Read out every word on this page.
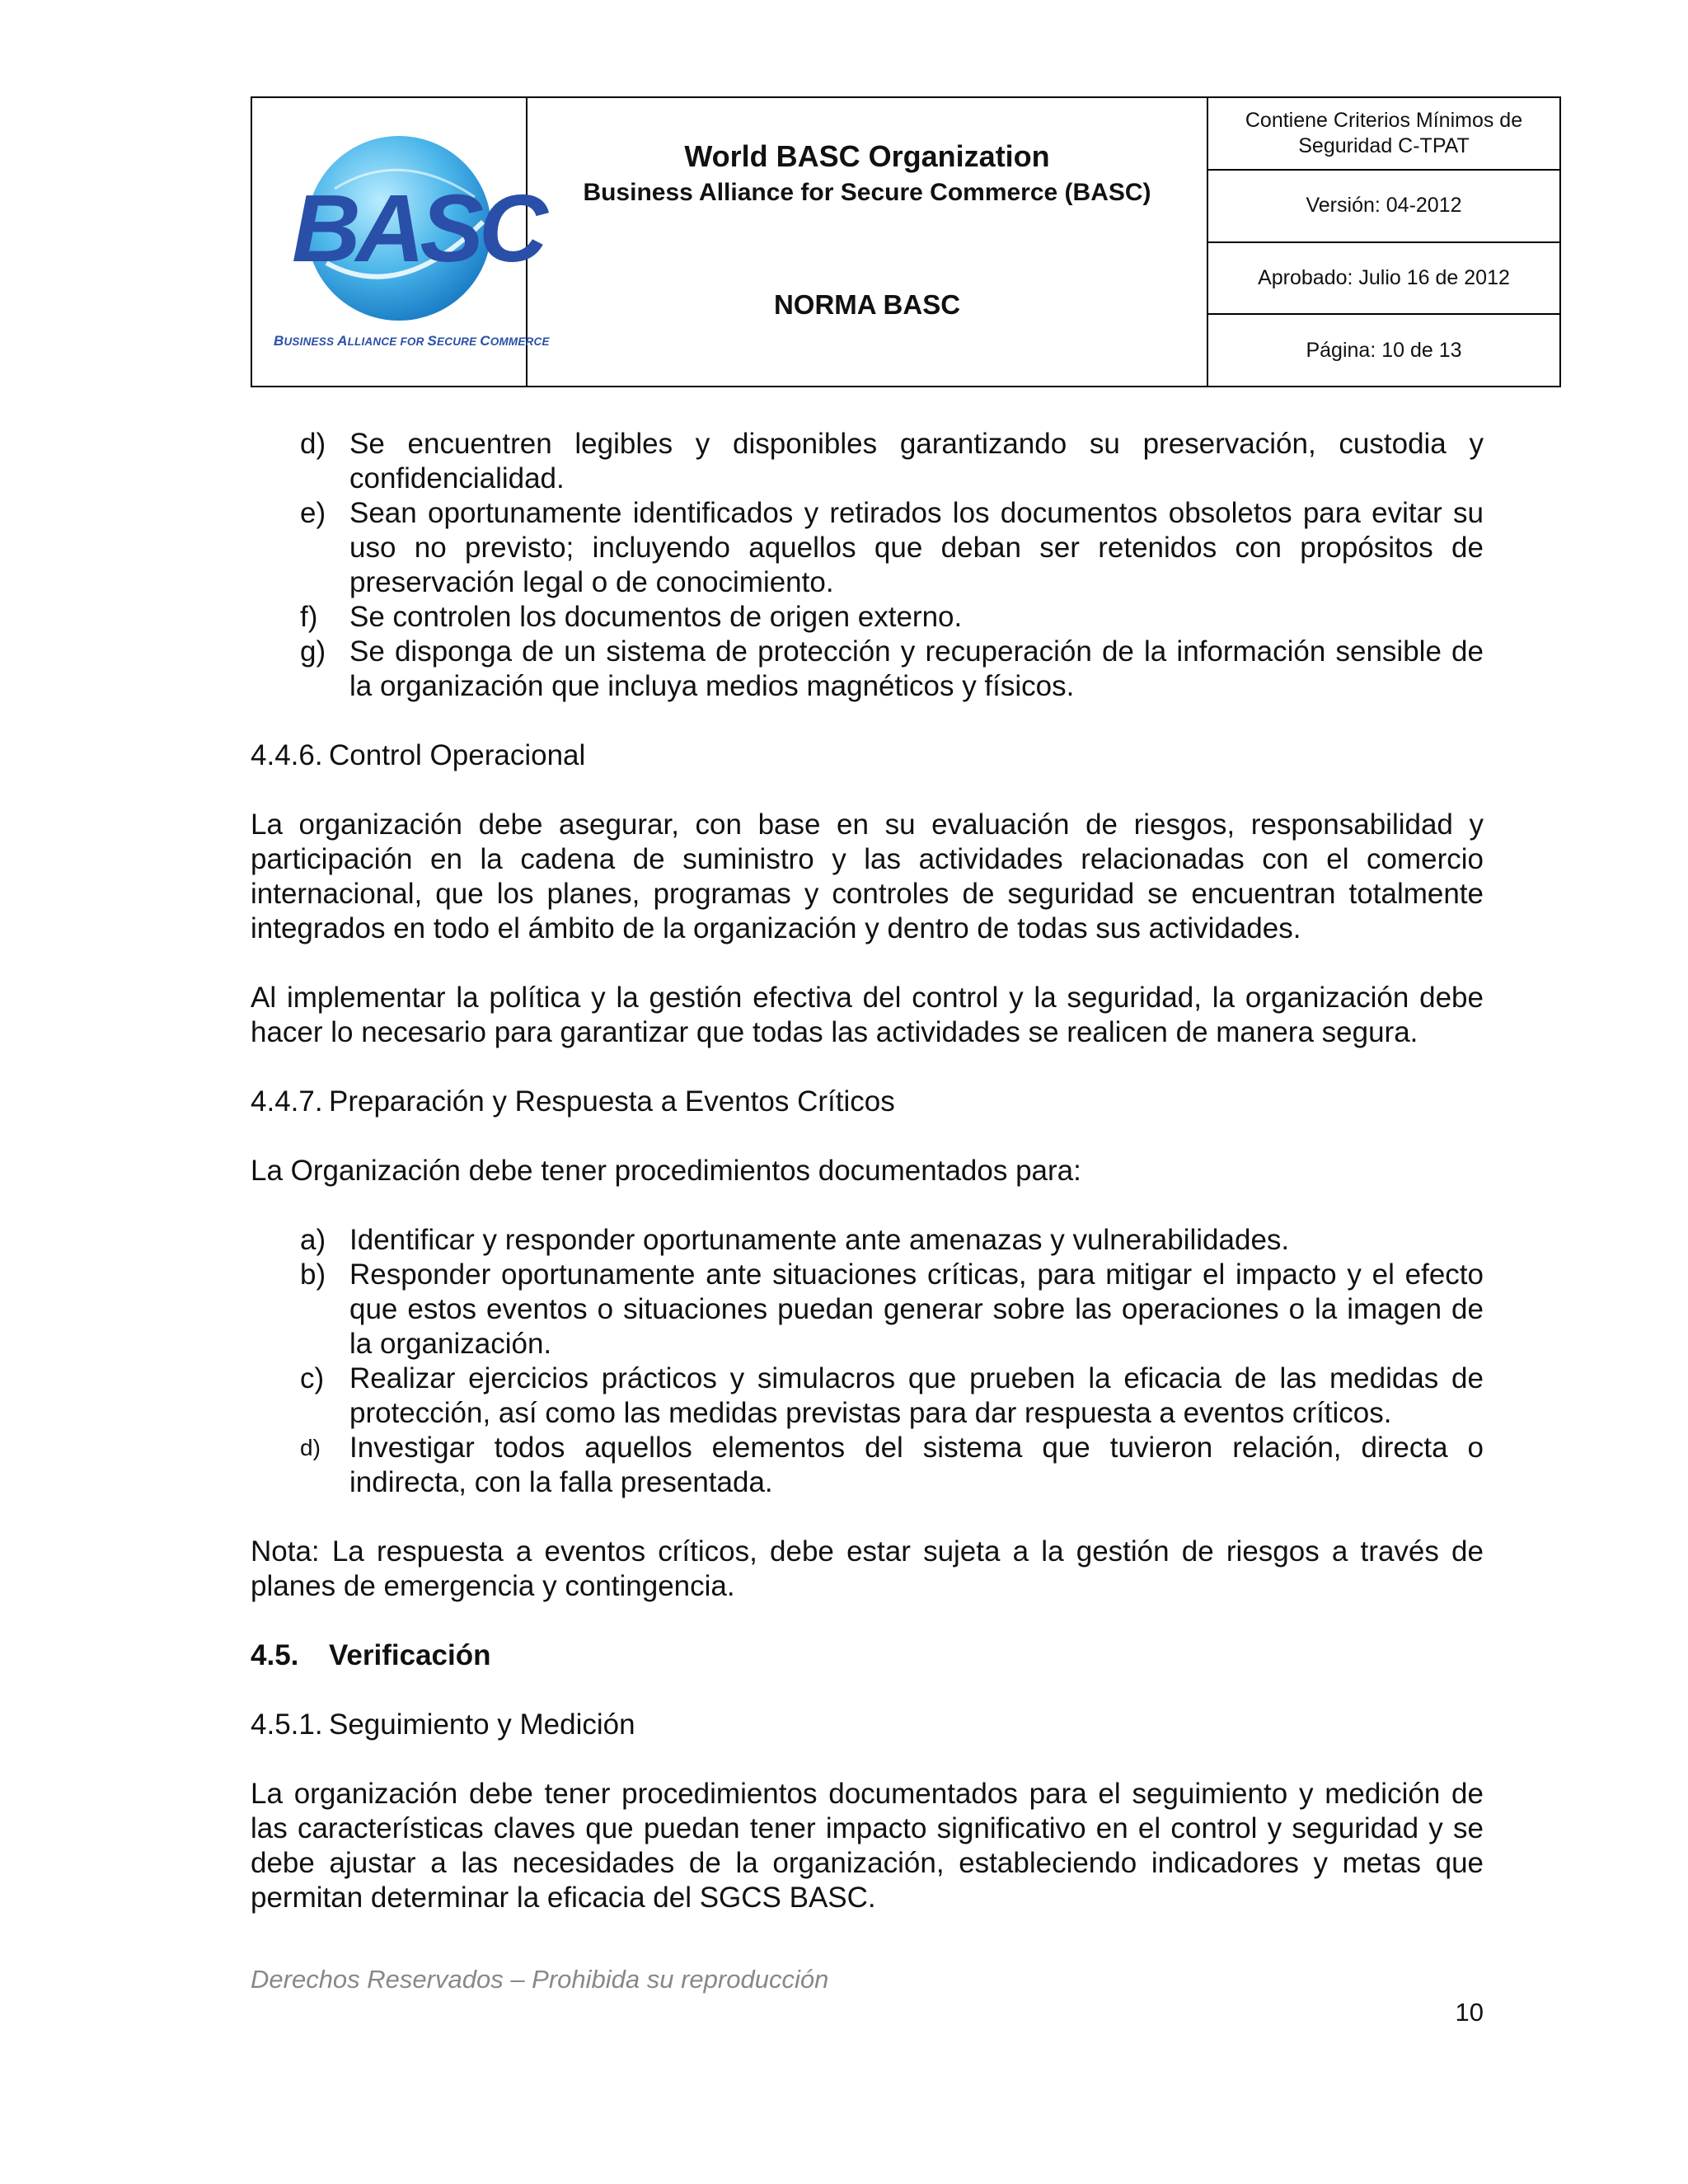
BASC
BUSINESS ALLIANCE FOR SECURE COMMERCE
World BASC Organization
Business Alliance for Secure Commerce (BASC)
NORMA BASC
Contiene Criterios Mínimos de Seguridad C-TPAT
Versión: 04-2012
Aprobado: Julio 16 de 2012
Página: 10 de 13
d) Se encuentren legibles y disponibles garantizando su preservación, custodia y confidencialidad.
e) Sean oportunamente identificados y retirados los documentos obsoletos para evitar su uso no previsto; incluyendo aquellos que deban ser retenidos con propósitos de preservación legal o de conocimiento.
f)	Se controlen los documentos de origen externo.
g) Se disponga de un sistema de protección y recuperación de la información sensible de la organización que incluya medios magnéticos y físicos.
4.4.6. Control Operacional

La organización debe asegurar, con base en su evaluación de riesgos, responsabilidad y participación en la cadena de suministro y las actividades relacionadas con el comercio internacional, que los planes, programas y controles de seguridad se encuentran totalmente integrados en todo el ámbito de la organización y dentro de todas sus actividades.

Al implementar la política y la gestión efectiva del control y la seguridad, la organización debe hacer lo necesario para garantizar que todas las actividades se realicen de manera segura.

4.4.7. Preparación y Respuesta a Eventos Críticos

La Organización debe tener procedimientos documentados para:

a) Identificar y responder oportunamente ante amenazas y vulnerabilidades.
b) Responder oportunamente ante situaciones críticas, para mitigar el impacto y el efecto que estos eventos o situaciones puedan generar sobre las operaciones o la imagen de la organización.
c) Realizar ejercicios prácticos y simulacros que prueben la eficacia de las medidas de protección, así como las medidas previstas para dar respuesta a eventos críticos.
d)	Investigar todos aquellos elementos del sistema que tuvieron relación, directa o indirecta, con la falla presentada.

Nota: La respuesta a eventos críticos, debe estar sujeta a la gestión de riesgos a través de planes de emergencia y contingencia.

4.5.	Verificación
4.5.1. Seguimiento y Medición

La organización debe tener procedimientos documentados para el seguimiento y medición de las características claves que puedan tener impacto significativo en el control y seguridad y se debe ajustar a las necesidades de la organización, estableciendo indicadores y metas que permitan determinar la eficacia del SGCS BASC.

Derechos Reservados – Prohibida su reproducción
10
